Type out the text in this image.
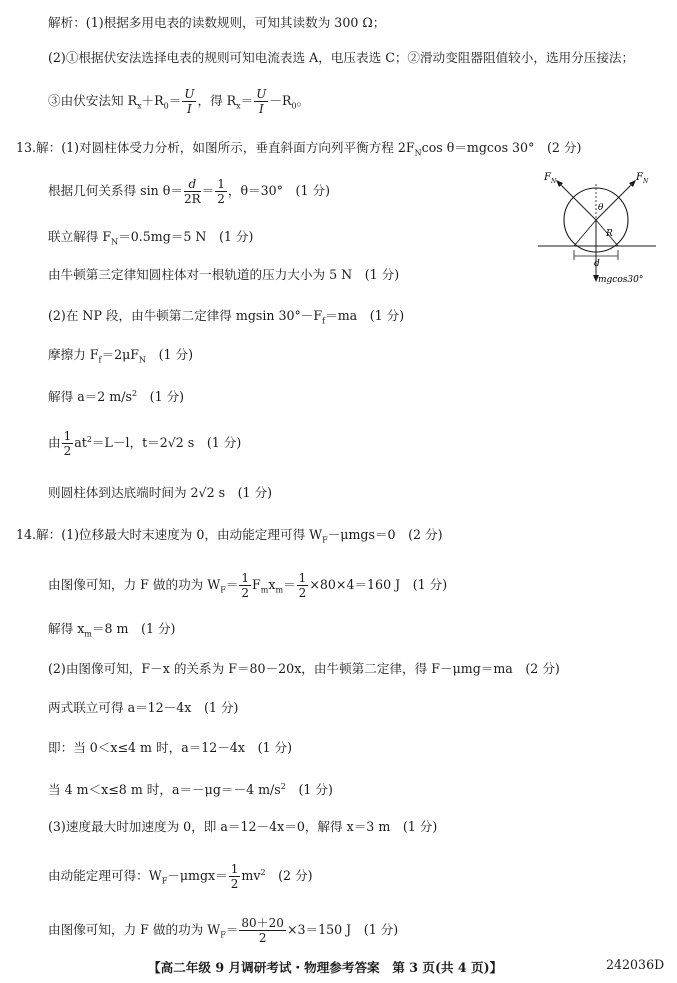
解析：(1)根据多用电表的读数规则，可知其读数为 300 Ω；
(2)①根据伏安法选择电表的规则可知电流表选 A，电压表选 C；②滑动变阻器阻值较小，选用分压接法；
③由伏安法知 $R_x+R_0= \frac{U}{I}$ ，得 $R_x= \frac{U}{I} -R_0$。
13.解：(1)对圆柱体受力分析，如图所示，垂直斜面方向列平衡方程 $2F_N\cos$ θ＝mgcos 30°　(2 分)
根据几何关系得 $\sin \theta= \frac{d}{2R} = \frac{1}{2}$ ，θ＝30°　(1 分)
联立解得 $F_N=0.5mg=5$ N　(1 分)
由牛顿第三定律知圆柱体对一根轨道的压力大小为 5 N　(1 分)
(2)在 NP 段，由牛顿第二定律得 mgsin $30^\circ-F_f=ma$　(1 分)
摩擦力 $F_f=2\mu F_N$　(1 分)
解得 a＝2 $m/s^2$　(1 分)
由 $\frac{1}{2} at^2=L-l$，t＝2√2 s　(1 分)
则圆柱体到达底端时间为 2√2 s　(1 分)
F N	F N
θ
R
d
mgcos30°
14.解：(1)位移最大时末速度为 0，由动能定理可得 $W_F-\mu mgs=0$　(2 分)
由图像可知，力 F 做的功为 $W_F= \frac{1}{2} F_mx_m= \frac{1}{2} \times 80\times 4=160$ J　(1 分)
解得 $x_m=8$ m　(1 分)
(2)由图像可知，F－x 的关系为 F＝80－20x，由牛顿第二定律，得 F－μmg＝ma　(2 分)
两式联立可得 a＝12－4x　(1 分)
即：当 0＜x≤4 m 时，a＝12－4x　(1 分)
当 4 m＜x≤8 m 时，a＝－μg＝－4 $m/s^2$　(1 分)
(3)速度最大时加速度为 0，即 a＝12－4x＝0，解得 x＝3 m　(1 分)
由动能定理可得：$W_F-\mu mgx= \frac{1}{2} mv^2$　(2 分)
由图像可知，力 F 做的功为 $W_F= \frac{80+20}{2} \times 3=150$ J　(1 分)
【高二年级 9 月调研考试・物理参考答案　第 3 页(共 4 页)】	242036D
